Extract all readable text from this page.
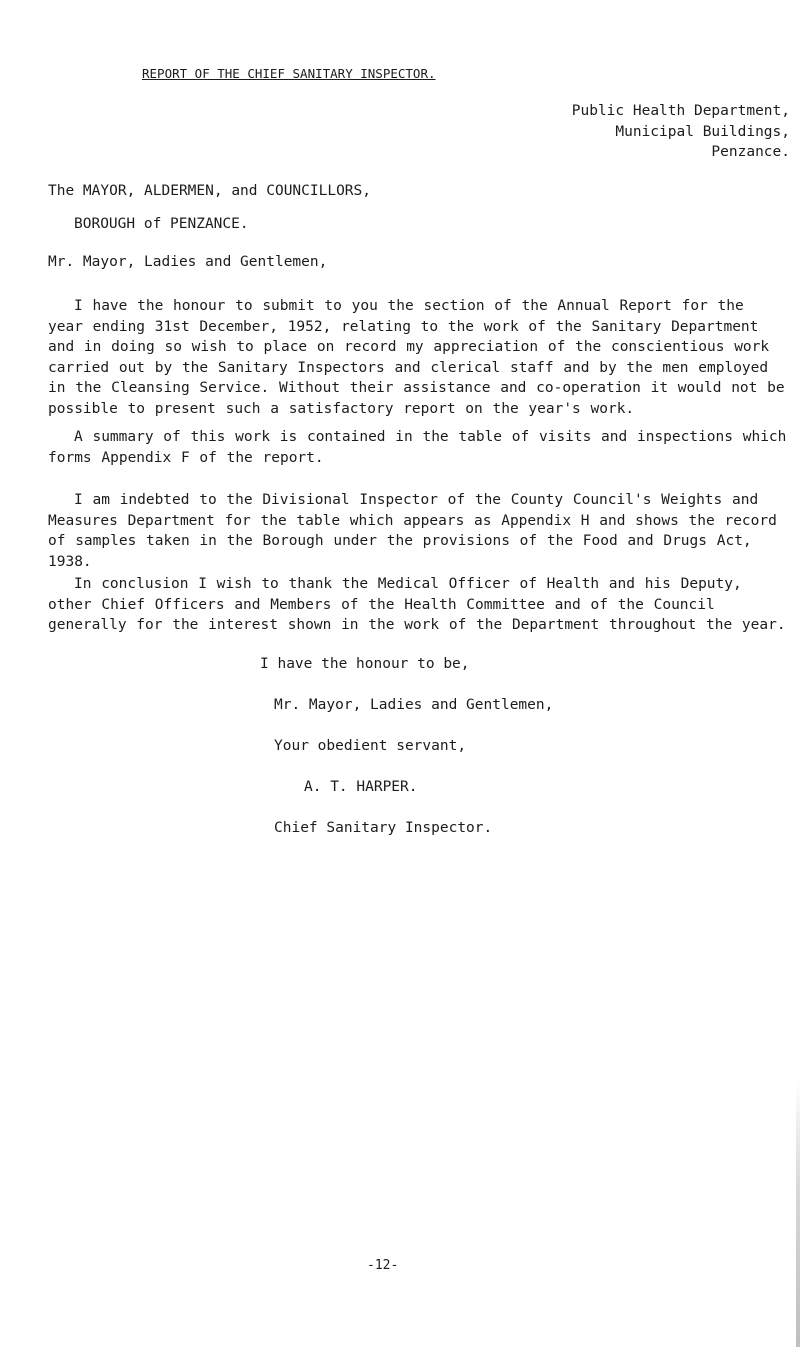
REPORT OF THE CHIEF SANITARY INSPECTOR.
Public Health Department,
Municipal Buildings,
Penzance.
The MAYOR, ALDERMEN, and COUNCILLORS,
BOROUGH of PENZANCE.
Mr. Mayor, Ladies and Gentlemen,

I have the honour to submit to you the section of the Annual Report for the year ending 31st December, 1952, relating to the work of the Sanitary Department and in doing so wish to place on record my appreciation of the conscientious work carried out by the Sanitary Inspectors and clerical staff and by the men employed in the Cleansing Service. Without their assistance and co-operation it would not be possible to present such a satisfactory report on the year's work.

A summary of this work is contained in the table of visits and inspections which forms Appendix F of the report.

I am indebted to the Divisional Inspector of the County Council's Weights and Measures Department for the table which appears as Appendix H and shows the record of samples taken in the Borough under the provisions of the Food and Drugs Act, 1938.

In conclusion I wish to thank the Medical Officer of Health and his Deputy, other Chief Officers and Members of the Health Committee and of the Council generally for the interest shown in the work of the Department throughout the year.

I have the honour to be,
Mr. Mayor, Ladies and Gentlemen,
Your obedient servant,
A. T. HARPER.
Chief Sanitary Inspector.
-12-
